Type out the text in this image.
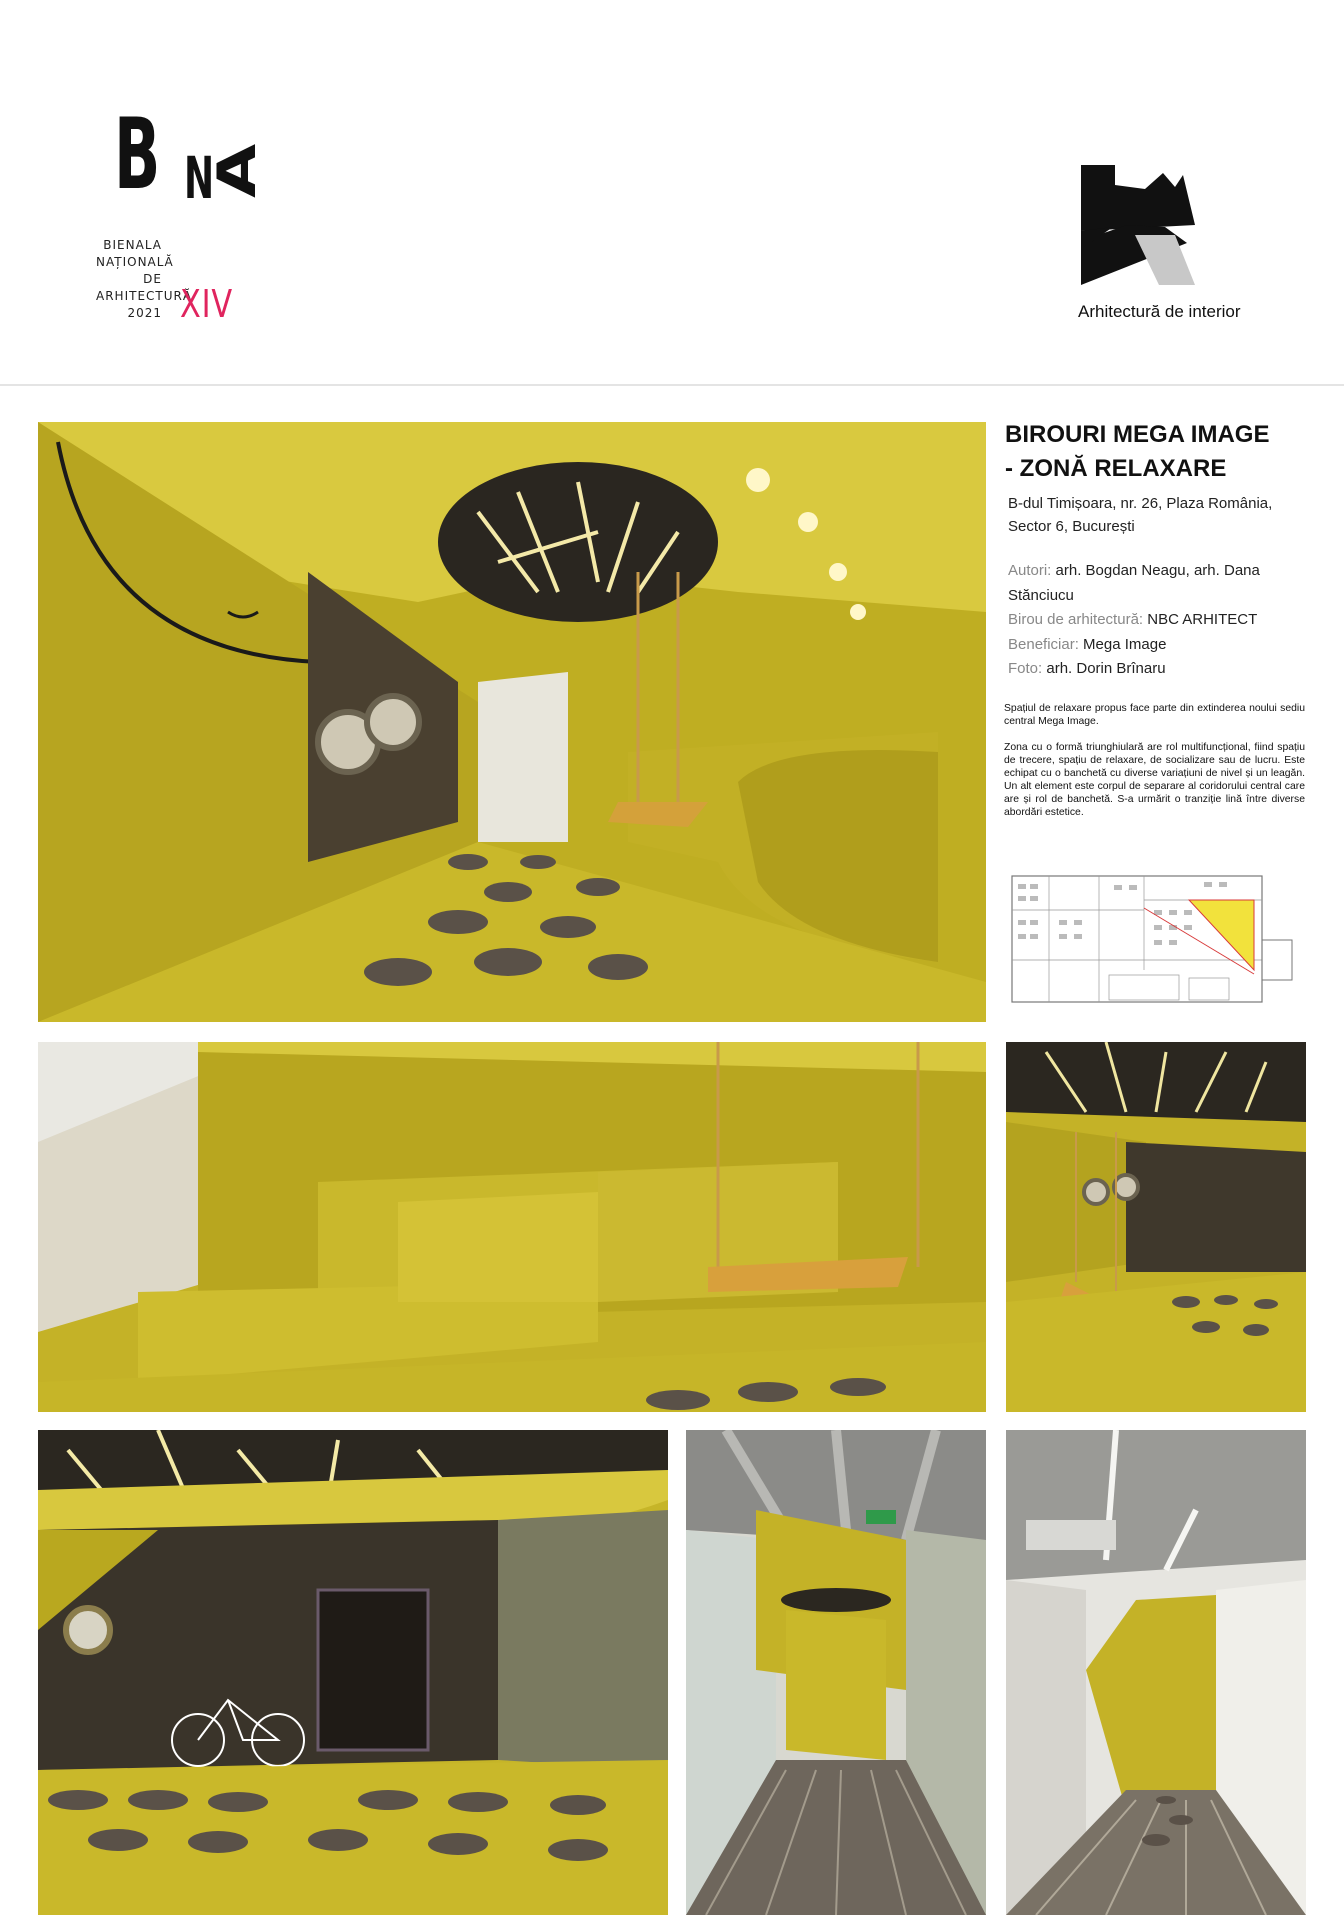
B N
A
BIENALA
NAȚIONALĂ
DE
ARHITECTURĂ
2021 XIV	Arhitectură de interior
BIROURI MEGA IMAGE
- ZONĂ RELAXARE
B-dul Timișoara, nr. 26, Plaza România,
Sector 6, București
Autori: arh. Bogdan Neagu, arh. Dana Stănciucu
Birou de arhitectură: NBC ARHITECT
Beneficiar: Mega Image
Foto: arh. Dorin Brînaru

Spațiul de relaxare propus face parte din extinderea noului sediu central Mega Image.

Zona cu o formă triunghiulară are rol multifuncțional, fiind spațiu de trecere, spațiu de relaxare, de socializare sau de lucru. Este echipat cu o banchetă cu diverse variațiuni de nivel și un leagăn. Un alt element este corpul de separare al coridorului central care are și rol de banchetă. S-a urmărit o tranziție lină între diverse abordări estetice.
